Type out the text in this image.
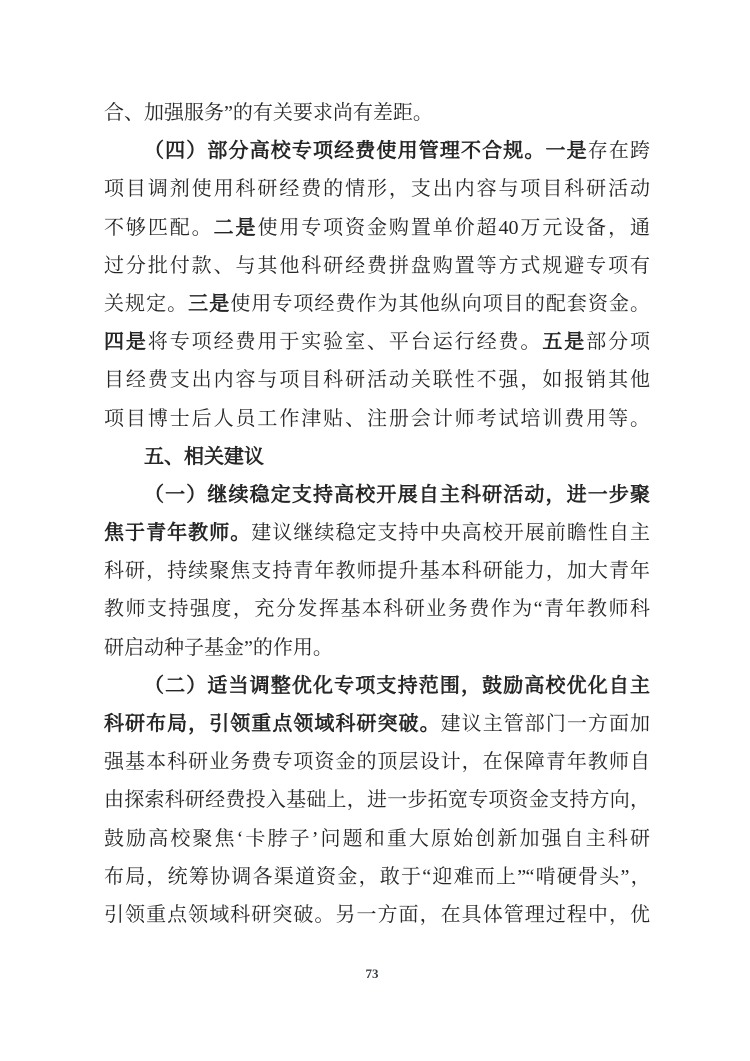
合、加强服务”的有关要求尚有差距。
（四）部分高校专项经费使用管理不合规。一是存在跨
项目调剂使用科研经费的情形，支出内容与项目科研活动
不够匹配。二是使用专项资金购置单价超40万元设备，通
过分批付款、与其他科研经费拼盘购置等方式规避专项有
关规定。三是使用专项经费作为其他纵向项目的配套资金。
四是将专项经费用于实验室、平台运行经费。五是部分项
目经费支出内容与项目科研活动关联性不强，如报销其他
项目博士后人员工作津贴、注册会计师考试培训费用等。
五、相关建议
（一）继续稳定支持高校开展自主科研活动，进一步聚
焦于青年教师。建议继续稳定支持中央高校开展前瞻性自主
科研，持续聚焦支持青年教师提升基本科研能力，加大青年
教师支持强度，充分发挥基本科研业务费作为“青年教师科
研启动种子基金”的作用。
（二）适当调整优化专项支持范围，鼓励高校优化自主
科研布局，引领重点领域科研突破。建议主管部门一方面加
强基本科研业务费专项资金的顶层设计，在保障青年教师自
由探索科研经费投入基础上，进一步拓宽专项资金支持方向，
鼓励高校聚焦‘卡脖子’问题和重大原始创新加强自主科研
布局，统筹协调各渠道资金，敢于“迎难而上”“啃硬骨头”，
引领重点领域科研突破。另一方面，在具体管理过程中，优
73
